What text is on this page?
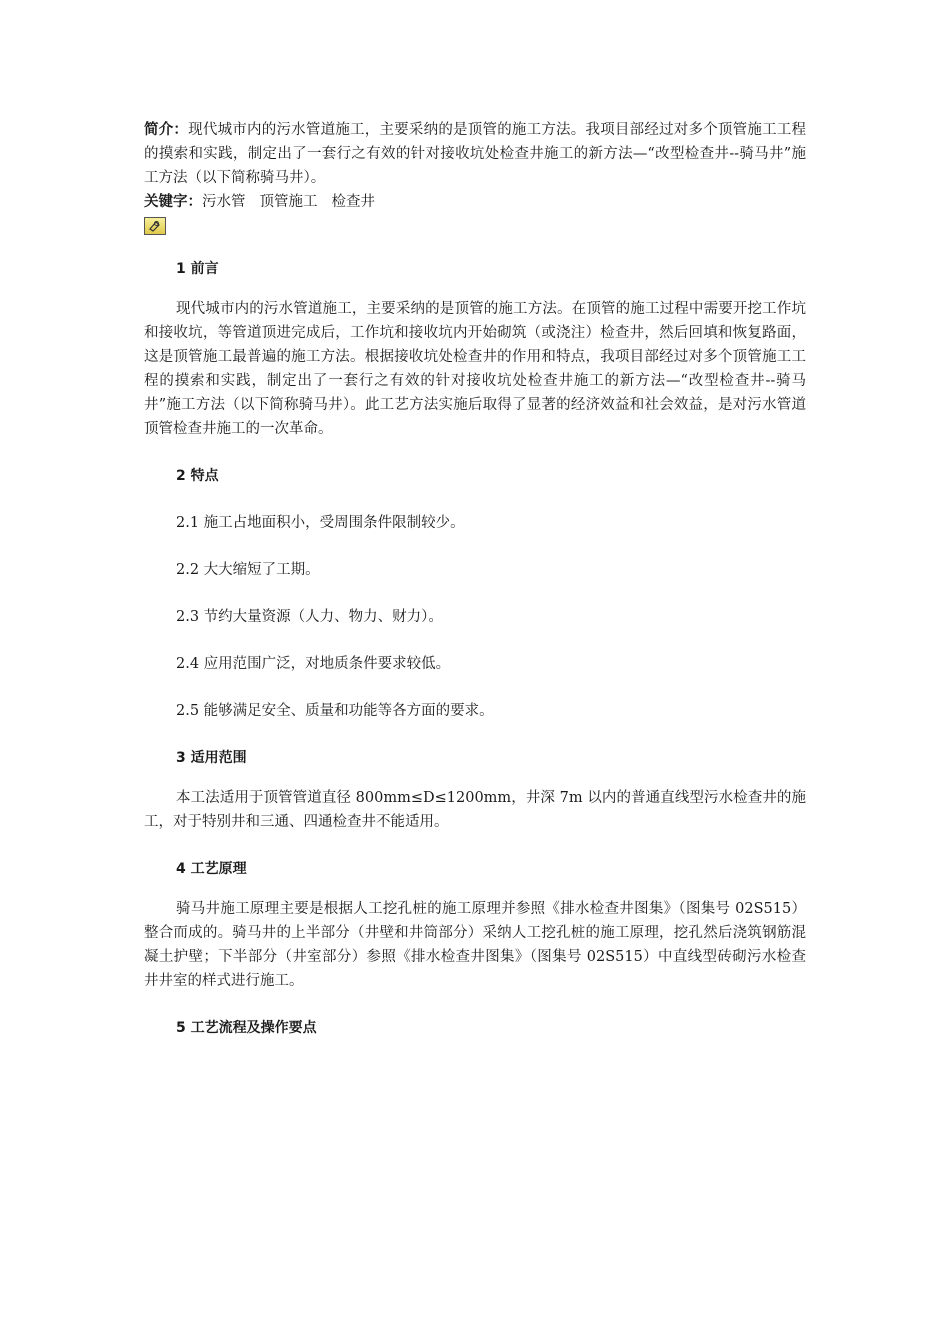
简介：现代城市内的污水管道施工，主要采纳的是顶管的施工方法。我项目部经过对多个顶管施工工程的摸索和实践，制定出了一套行之有效的针对接收坑处检查井施工的新方法—“改型检查井--骑马井”施工方法（以下简称骑马井）。

关键字：污水管 顶管施工 检查井

1 前言

现代城市内的污水管道施工，主要采纳的是顶管的施工方法。在顶管的施工过程中需要开挖工作坑和接收坑，等管道顶进完成后，工作坑和接收坑内开始砌筑（或浇注）检查井，然后回填和恢复路面，这是顶管施工最普遍的施工方法。根据接收坑处检查井的作用和特点，我项目部经过对多个顶管施工工程的摸索和实践，制定出了一套行之有效的针对接收坑处检查井施工的新方法—“改型检查井--骑马井”施工方法（以下简称骑马井）。此工艺方法实施后取得了显著的经济效益和社会效益，是对污水管道顶管检查井施工的一次革命。

2 特点

2.1 施工占地面积小，受周围条件限制较少。

2.2 大大缩短了工期。

2.3 节约大量资源（人力、物力、财力）。

2.4 应用范围广泛，对地质条件要求较低。

2.5 能够满足安全、质量和功能等各方面的要求。

3 适用范围

本工法适用于顶管管道直径 800mm≤D≤1200mm，井深 7m 以内的普通直线型污水检查井的施工，对于特别井和三通、四通检查井不能适用。

4 工艺原理

骑马井施工原理主要是根据人工挖孔桩的施工原理并参照《排水检查井图集》（图集号 02S515）整合而成的。骑马井的上半部分（井壁和井筒部分）采纳人工挖孔桩的施工原理，挖孔然后浇筑钢筋混凝土护壁；下半部分（井室部分）参照《排水检查井图集》（图集号 02S515）中直线型砖砌污水检查井井室的样式进行施工。

5 工艺流程及操作要点
